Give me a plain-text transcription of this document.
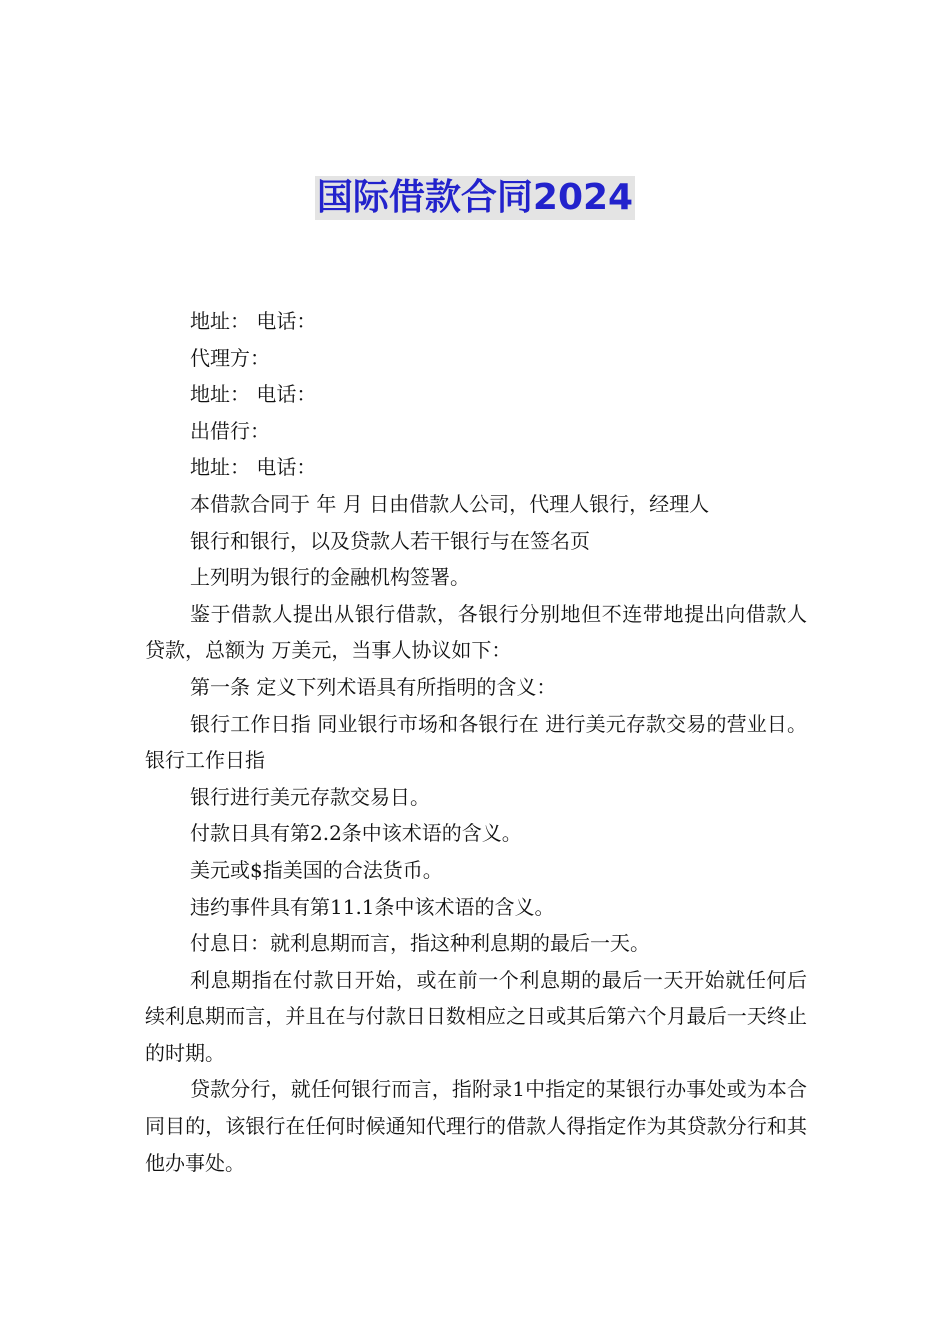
国际借款合同2024

地址： 电话：

代理方：

地址： 电话：

出借行：

地址： 电话：

本借款合同于 年 月 日由借款人公司，代理人银行，经理人

银行和银行，以及贷款人若干银行与在签名页

上列明为银行的金融机构签署。

鉴于借款人提出从银行借款，各银行分别地但不连带地提出向借款人贷款，总额为 万美元，当事人协议如下：

第一条 定义下列术语具有所指明的含义：

银行工作日指 同业银行市场和各银行在 进行美元存款交易的营业日。 银行工作日指

银行进行美元存款交易日。

付款日具有第2.2条中该术语的含义。

美元或$指美国的合法货币。

违约事件具有第11.1条中该术语的含义。

付息日：就利息期而言，指这种利息期的最后一天。

利息期指在付款日开始，或在前一个利息期的最后一天开始就任何后续利息期而言，并且在与付款日日数相应之日或其后第六个月最后一天终止的时期。

贷款分行，就任何银行而言，指附录1中指定的某银行办事处或为本合同目的，该银行在任何时候通知代理行的借款人得指定作为其贷款分行和其他办事处。
